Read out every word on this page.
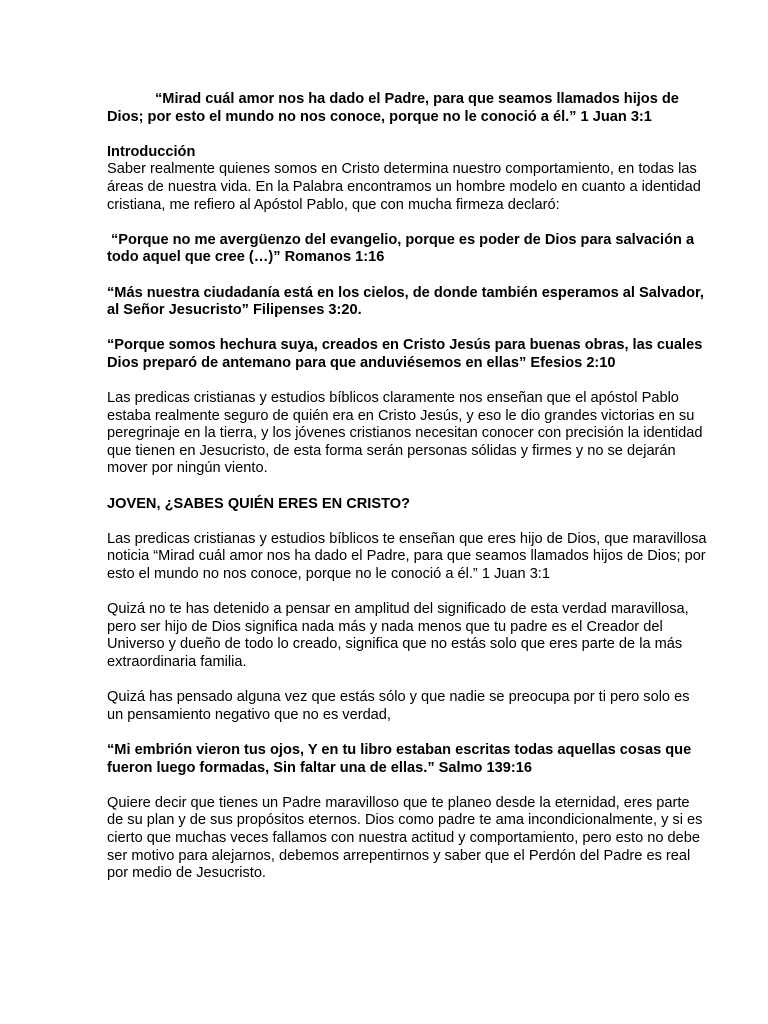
“Mirad cuál amor nos ha dado el Padre, para que seamos llamados hijos de Dios; por esto el mundo no nos conoce, porque no le conoció a él.” 1 Juan 3:1

Introducción

Saber realmente quienes somos en Cristo determina nuestro comportamiento, en todas las áreas de nuestra vida. En la Palabra encontramos un hombre modelo en cuanto a identidad cristiana, me refiero al Apóstol Pablo, que con mucha firmeza declaró:

“Porque no me avergüenzo del evangelio, porque es poder de Dios para salvación a todo aquel que cree (…)” Romanos 1:16

“Más nuestra ciudadanía está en los cielos, de donde también esperamos al Salvador, al Señor Jesucristo” Filipenses 3:20.

“Porque somos hechura suya, creados en Cristo Jesús para buenas obras, las cuales Dios preparó de antemano para que anduviésemos en ellas” Efesios 2:10

Las predicas cristianas y estudios bíblicos claramente nos enseñan que el apóstol Pablo estaba realmente seguro de quién era en Cristo Jesús, y eso le dio grandes victorias en su peregrinaje en la tierra, y los jóvenes cristianos necesitan conocer con precisión la identidad que tienen en Jesucristo, de esta forma serán personas sólidas y firmes y no se dejarán mover por ningún viento.

JOVEN, ¿SABES QUIÉN ERES EN CRISTO?

Las predicas cristianas y estudios bíblicos te enseñan que eres hijo de Dios, que maravillosa noticia “Mirad cuál amor nos ha dado el Padre, para que seamos llamados hijos de Dios; por esto el mundo no nos conoce, porque no le conoció a él.” 1 Juan 3:1

Quizá no te has detenido a pensar en amplitud del significado de esta verdad maravillosa, pero ser hijo de Dios significa nada más y nada menos que tu padre es el Creador del Universo y dueño de todo lo creado, significa que no estás solo que eres parte de la más extraordinaria familia.

Quizá has pensado alguna vez que estás sólo y que nadie se preocupa por ti pero solo es un pensamiento negativo que no es verdad,

“Mi embrión vieron tus ojos, Y en tu libro estaban escritas todas aquellas cosas que fueron luego formadas, Sin faltar una de ellas.” Salmo 139:16

Quiere decir que tienes un Padre maravilloso que te planeo desde la eternidad, eres parte de su plan y de sus propósitos eternos. Dios como padre te ama incondicionalmente, y si es cierto que muchas veces fallamos con nuestra actitud y comportamiento, pero esto no debe ser motivo para alejarnos, debemos arrepentirnos y saber que el Perdón del Padre es real por medio de Jesucristo.
